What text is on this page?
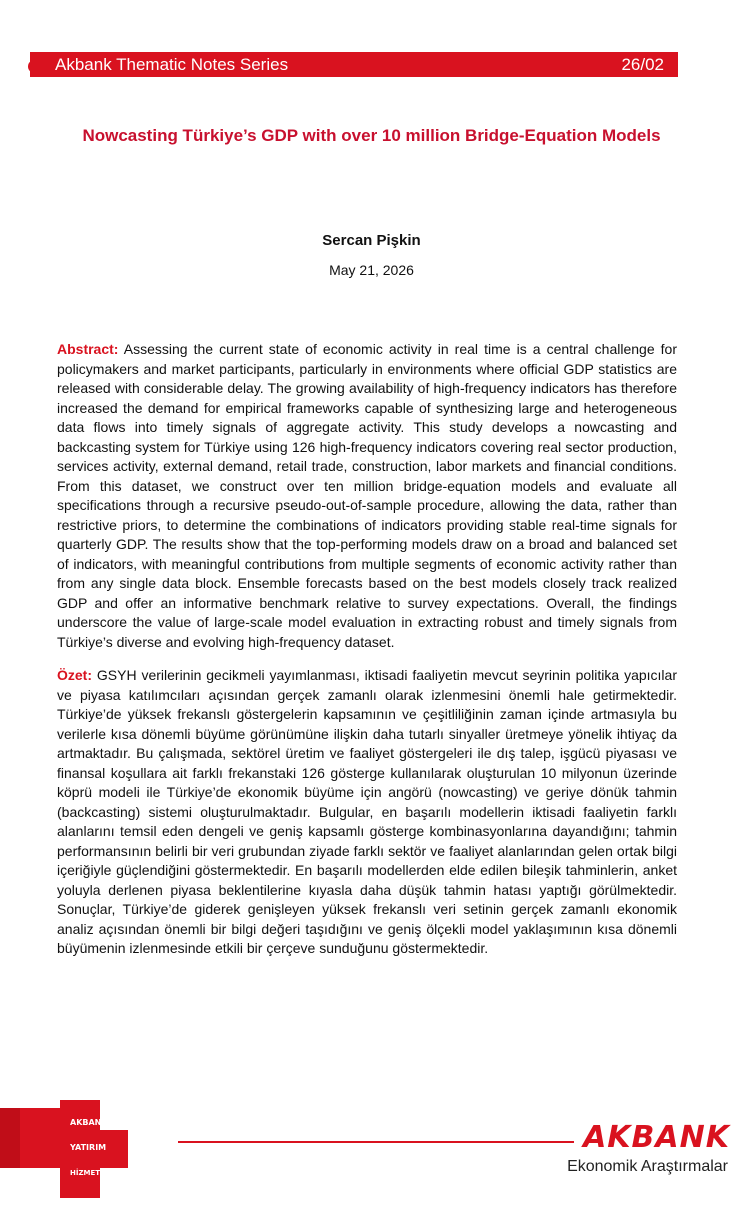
Akbank Thematic Notes Series	26/02
Nowcasting Türkiye’s GDP with over 10 million Bridge-Equation Models
Sercan Pişkin
May 21, 2026

Abstract: Assessing the current state of economic activity in real time is a central challenge for policymakers and market participants, particularly in environments where official GDP statistics are released with considerable delay. The growing availability of high-frequency indicators has therefore increased the demand for empirical frameworks capable of synthesizing large and heterogeneous data flows into timely signals of aggregate activity. This study develops a nowcasting and backcasting system for Türkiye using 126 high-frequency indicators covering real sector production, services activity, external demand, retail trade, construction, labor markets and financial conditions. From this dataset, we construct over ten million bridge-equation models and evaluate all specifications through a recursive pseudo-out-of-sample procedure, allowing the data, rather than restrictive priors, to determine the combinations of indicators providing stable real-time signals for quarterly GDP. The results show that the top-performing models draw on a broad and balanced set of indicators, with meaningful contributions from multiple segments of economic activity rather than from any single data block. Ensemble forecasts based on the best models closely track realized GDP and offer an informative benchmark relative to survey expectations. Overall, the findings underscore the value of large-scale model evaluation in extracting robust and timely signals from Türkiye’s diverse and evolving high-frequency dataset.

Özet: GSYH verilerinin gecikmeli yayımlanması, iktisadi faaliyetin mevcut seyrinin politika yapıcılar ve piyasa katılımcıları açısından gerçek zamanlı olarak izlenmesini önemli hale getirmektedir. Türkiye’de yüksek frekanslı göstergelerin kapsamının ve çeşitliliğinin zaman içinde artmasıyla bu verilerle kısa dönemli büyüme görünümüne ilişkin daha tutarlı sinyaller üretmeye yönelik ihtiyaç da artmaktadır. Bu çalışmada, sektörel üretim ve faaliyet göstergeleri ile dış talep, işgücü piyasası ve finansal koşullara ait farklı frekanstaki 126 gösterge kullanılarak oluşturulan 10 milyonun üzerinde köprü modeli ile Türkiye’de ekonomik büyüme için angörü (nowcasting) ve geriye dönük tahmin (backcasting) sistemi oluşturulmaktadır. Bulgular, en başarılı modellerin iktisadi faaliyetin farklı alanlarını temsil eden dengeli ve geniş kapsamlı gösterge kombinasyonlarına dayandığını; tahmin performansının belirli bir veri grubundan ziyade farklı sektör ve faaliyet alanlarından gelen ortak bilgi içeriğiyle güçlendiğini göstermektedir. En başarılı modellerden elde edilen bileşik tahminlerin, anket yoluyla derlenen piyasa beklentilerine kıyasla daha düşük tahmin hatası yaptığı görülmektedir. Sonuçlar, Türkiye’de giderek genişleyen yüksek frekanslı veri setinin gerçek zamanlı ekonomik analiz açısından önemli bir bilgi değeri taşıdığını ve geniş ölçekli model yaklaşımının kısa dönemli büyümenin izlenmesinde etkili bir çerçeve sunduğunu göstermektedir.

AKBANK
YATIRIM
HİZMETLERİ
AKBANK
Ekonomik Araştırmalar
